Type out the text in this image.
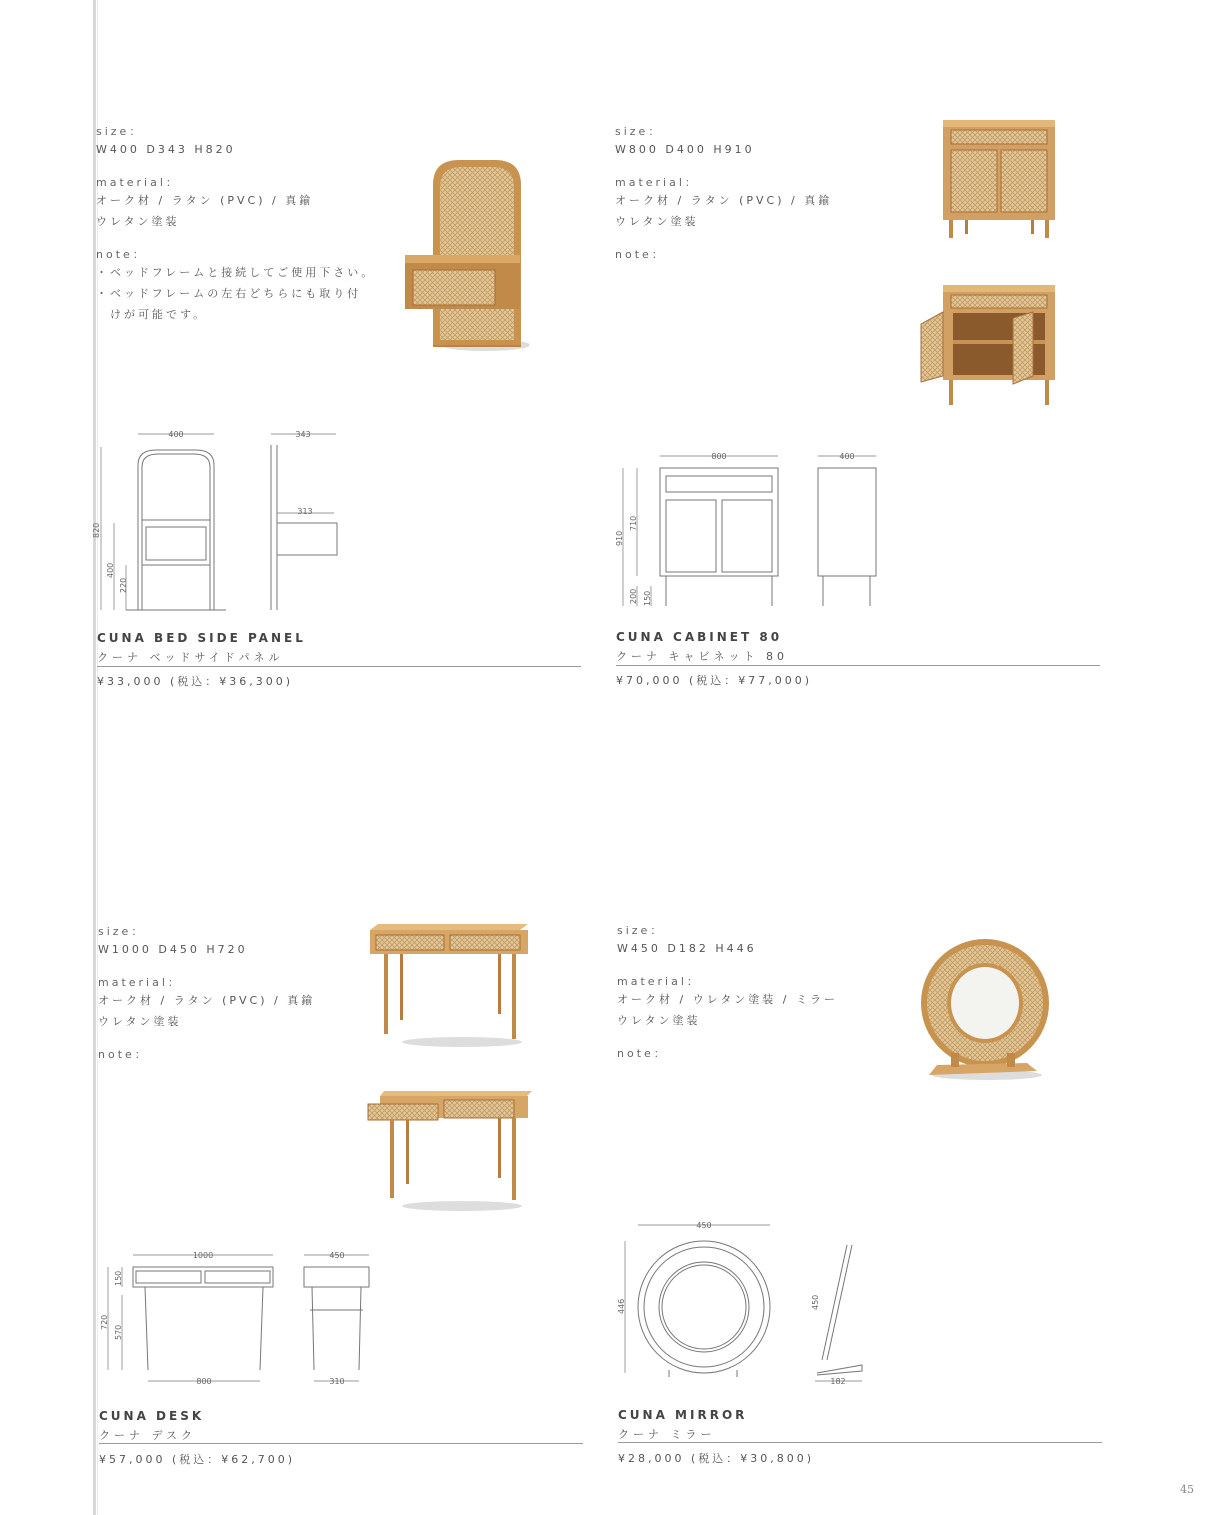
size：
W400 D343 H820
material：
オーク材 / ラタン (PVC) / 真鍮
ウレタン塗装
note：
・ベッドフレームと接続してご使用下さい。
・ベッドフレームの左右どちらにも取り付
　けが可能です。
400	343
313
820
400
220
CUNA BED SIDE PANEL
クーナ ベッドサイドパネル
¥33,000 (税込：¥36,300)
size：
W800 D400 H910
material：
オーク材 / ラタン (PVC) / 真鍮
ウレタン塗装
note：
800	400
910
710
200 150
CUNA CABINET 80
クーナ キャビネット 80
¥70,000 (税込：¥77,000)
size：
W1000 D450 H720
material：
オーク材 / ラタン (PVC) / 真鍮
ウレタン塗装
note：
1000	450
800	310
720
150
570
CUNA DESK
クーナ デスク
¥57,000 (税込：¥62,700)
size：
W450 D182 H446
material：
オーク材 / ウレタン塗装 / ミラー
ウレタン塗装
note：
450
446	450
182
CUNA MIRROR
クーナ ミラー
¥28,000 (税込：¥30,800)
45
